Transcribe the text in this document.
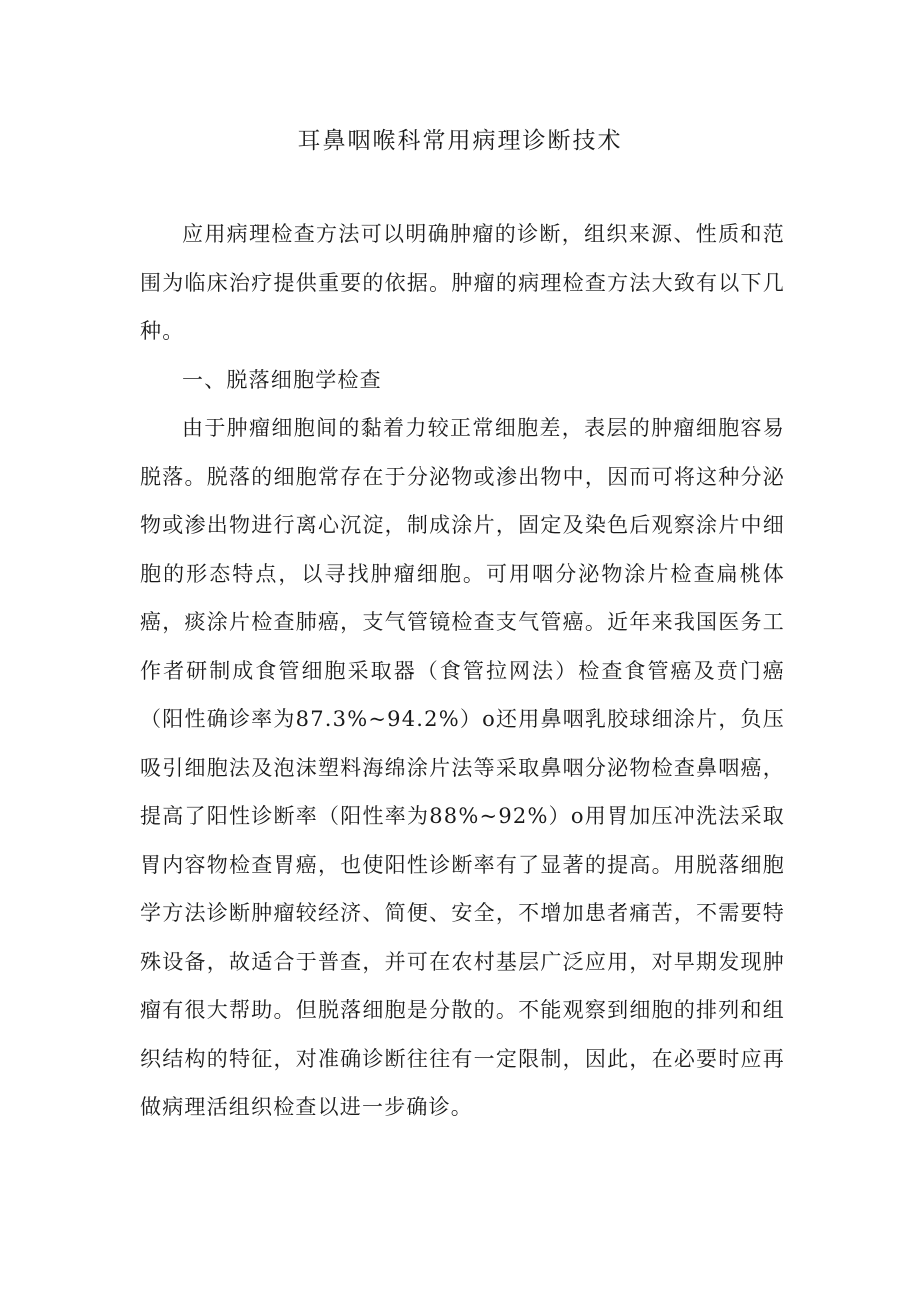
耳鼻咽喉科常用病理诊断技术

应用病理检查方法可以明确肿瘤的诊断，组织来源、性质和范围为临床治疗提供重要的依据。肿瘤的病理检查方法大致有以下几种。

一、脱落细胞学检查

由于肿瘤细胞间的黏着力较正常细胞差，表层的肿瘤细胞容易脱落。脱落的细胞常存在于分泌物或渗出物中，因而可将这种分泌物或渗出物进行离心沉淀，制成涂片，固定及染色后观察涂片中细胞的形态特点，以寻找肿瘤细胞。可用咽分泌物涂片检查扁桃体癌，痰涂片检查肺癌，支气管镜检查支气管癌。近年来我国医务工作者研制成食管细胞采取器（食管拉网法）检查食管癌及贲门癌（阳性确诊率为87.3%~94.2%）o还用鼻咽乳胶球细涂片，负压吸引细胞法及泡沫塑料海绵涂片法等采取鼻咽分泌物检查鼻咽癌，提高了阳性诊断率（阳性率为88%~92%）o用胃加压冲洗法采取胃内容物检查胃癌，也使阳性诊断率有了显著的提高。用脱落细胞学方法诊断肿瘤较经济、简便、安全，不增加患者痛苦，不需要特殊设备，故适合于普查，并可在农村基层广泛应用，对早期发现肿瘤有很大帮助。但脱落细胞是分散的。不能观察到细胞的排列和组织结构的特征，对准确诊断往往有一定限制，因此，在必要时应再做病理活组织检查以进一步确诊。
